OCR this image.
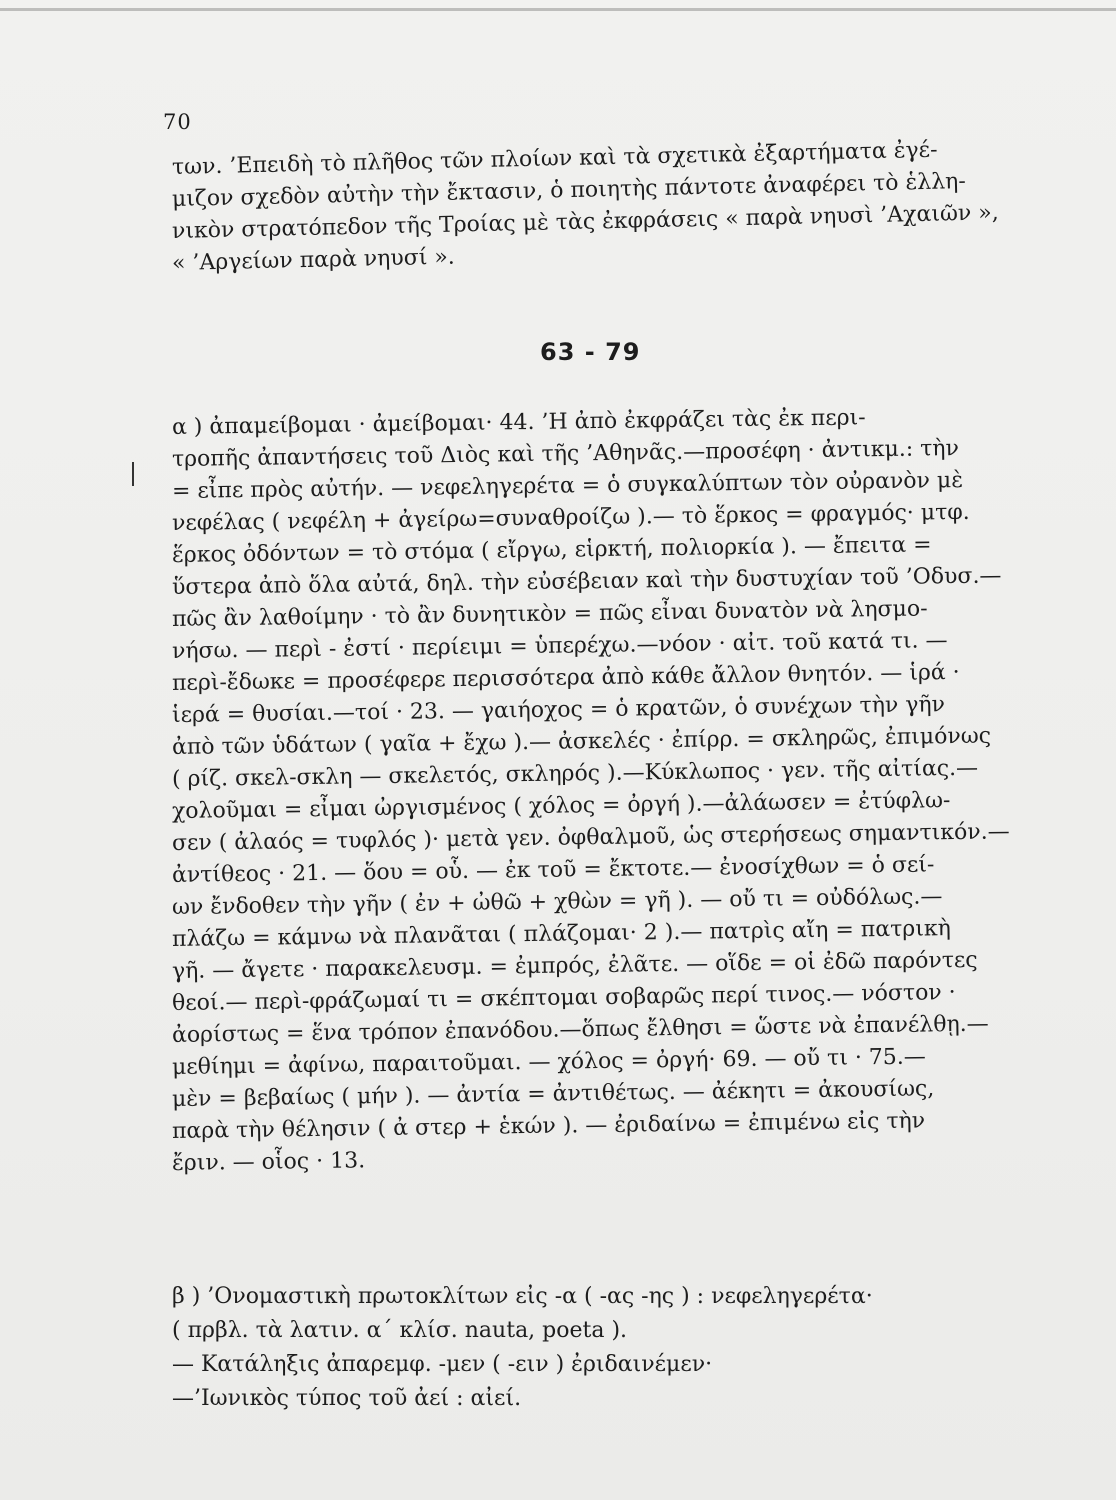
70
των. ’Επειδὴ τὸ πλῆθος τῶν πλοίων καὶ τὰ σχετικὰ ἐξαρτήματα ἐγέ-
μιζον σχεδὸν αὐτὴν τὴν ἔκτασιν, ὁ ποιητὴς πάντοτε ἀναφέρει τὸ ἑλλη-
νικὸν στρατόπεδον τῆς Τροίας μὲ τὰς ἐκφράσεις « παρὰ νηυσὶ ’Αχαιῶν »,
« ’Αργείων παρὰ νηυσί ».
63 - 79
α ) ἀπαμείβομαι · ἀμείβομαι· 44. ’Η ἀπὸ ἐκφράζει τὰς ἐκ περι-
τροπῆς ἀπαντήσεις τοῦ Διὸς καὶ τῆς ’Αθηνᾶς.—προσέφη · ἀντικμ.: τὴν
= εἶπε πρὸς αὐτήν. — νεφεληγερέτα = ὁ συγκαλύπτων τὸν οὐρανὸν μὲ
νεφέλας ( νεφέλη + ἀγείρω=συναθροίζω ).— τὸ ἕρκος = φραγμός· μτφ.
ἕρκος ὀδόντων = τὸ στόμα ( εἴργω, εἱρκτή, πολιορκία ). — ἔπειτα =
ὕστερα ἀπὸ ὅλα αὐτά, δηλ. τὴν εὐσέβειαν καὶ τὴν δυστυχίαν τοῦ ’Οδυσ.—
πῶς ἂν λαθοίμην · τὸ ἂν δυνητικὸν = πῶς εἶναι δυνατὸν νὰ λησμο-
νήσω. — περὶ - ἐστί · περίειμι = ὑπερέχω.—νόον · αἰτ. τοῦ κατά τι. —
περὶ-ἔδωκε = προσέφερε περισσότερα ἀπὸ κάθε ἄλλον θνητόν. — ἱρά ·
ἱερά = θυσίαι.—τοί · 23. — γαιήοχος = ὁ κρατῶν, ὁ συνέχων τὴν γῆν
ἀπὸ τῶν ὑδάτων ( γαῖα + ἔχω ).— ἀσκελές · ἐπίρρ. = σκληρῶς, ἐπιμόνως
( ρίζ. σκελ-σκλη — σκελετός, σκληρός ).—Κύκλωπος · γεν. τῆς αἰτίας.—
χολοῦμαι = εἶμαι ὠργισμένος ( χόλος = ὀργή ).—ἀλάωσεν = ἐτύφλω-
σεν ( ἀλαός = τυφλός )· μετὰ γεν. ὀφθαλμοῦ, ὡς στερήσεως σημαντικόν.—
ἀντίθεος · 21. — ὅου = οὗ. — ἐκ τοῦ = ἔκτοτε.— ἐνοσίχθων = ὁ σεί-
ων ἔνδοθεν τὴν γῆν ( ἐν + ὠθῶ + χθὼν = γῆ ). — οὔ τι = οὐδόλως.—
πλάζω = κάμνω νὰ πλανᾶται ( πλάζομαι· 2 ).— πατρὶς αἴη = πατρικὴ
γῆ. — ἄγετε · παρακελευσμ. = ἐμπρός, ἐλᾶτε. — οἵδε = οἱ ἐδῶ παρόντες
θεοί.— περὶ-φράζωμαί τι = σκέπτομαι σοβαρῶς περί τινος.— νόστον ·
ἀορίστως = ἕνα τρόπον ἐπανόδου.—ὅπως ἔλθησι = ὥστε νὰ ἐπανέλθῃ.—
μεθίημι = ἀφίνω, παραιτοῦμαι. — χόλος = ὀργή· 69. — οὔ τι · 75.—
μὲν = βεβαίως ( μήν ). — ἀντία = ἀντιθέτως. — ἀέκητι = ἀκουσίως,
παρὰ τὴν θέλησιν ( ἀ στερ + ἑκών ). — ἐριδαίνω = ἐπιμένω εἰς τὴν
ἔριν. — οἷος · 13.
β ) ’Ονομαστικὴ πρωτοκλίτων εἰς -α ( -ας -ης ) : νεφεληγερέτα·
( πρβλ. τὰ λατιν. α΄ κλίσ. nauta, poeta ).
— Κατάληξις ἀπαρεμφ. -μεν ( -ειν ) ἐριδαινέμεν·
—’Ιωνικὸς τύπος τοῦ ἀεί : αἰεί.
